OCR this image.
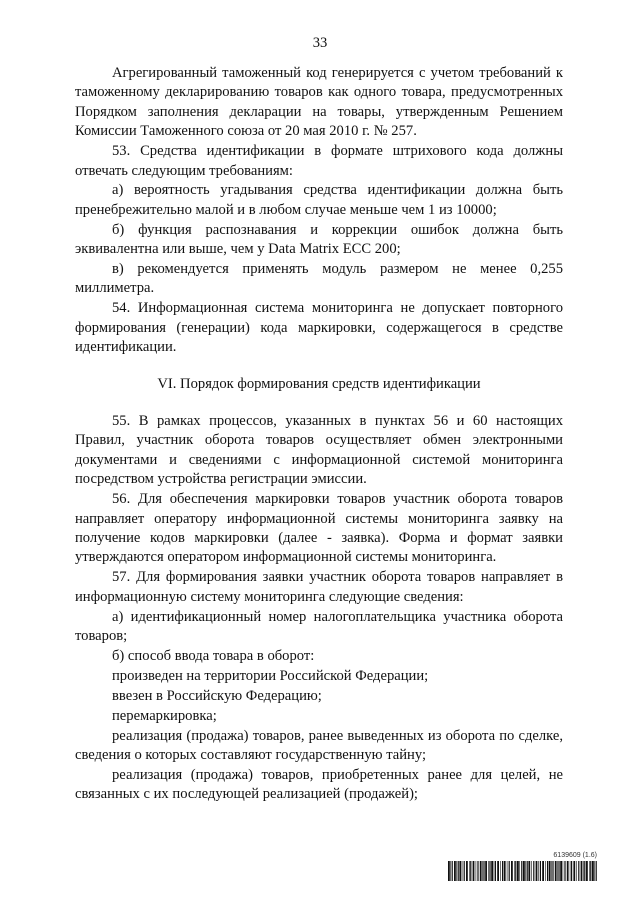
33

Агрегированный таможенный код генерируется с учетом требований к таможенному декларированию товаров как одного товара, предусмотренных Порядком заполнения декларации на товары, утвержденным Решением Комиссии Таможенного союза от 20 мая 2010 г. № 257.

53. Средства идентификации в формате штрихового кода должны отвечать следующим требованиям:

а) вероятность угадывания средства идентификации должна быть пренебрежительно малой и в любом случае меньше чем 1 из 10000;

б) функция распознавания и коррекции ошибок должна быть эквивалентна или выше, чем у Data Matrix ЕСС 200;

в) рекомендуется применять модуль размером не менее 0,255 миллиметра.

54. Информационная система мониторинга не допускает повторного формирования (генерации) кода маркировки, содержащегося в средстве идентификации.

VI. Порядок формирования средств идентификации

55. В рамках процессов, указанных в пунктах 56 и 60 настоящих Правил, участник оборота товаров осуществляет обмен электронными документами и сведениями с информационной системой мониторинга посредством устройства регистрации эмиссии.

56. Для обеспечения маркировки товаров участник оборота товаров направляет оператору информационной системы мониторинга заявку на получение кодов маркировки (далее - заявка). Форма и формат заявки утверждаются оператором информационной системы мониторинга.

57. Для формирования заявки участник оборота товаров направляет в информационную систему мониторинга следующие сведения:

а) идентификационный номер налогоплательщика участника оборота товаров;

б) способ ввода товара в оборот:

произведен на территории Российской Федерации;

ввезен в Российскую Федерацию;

перемаркировка;

реализация (продажа) товаров, ранее выведенных из оборота по сделке, сведения о которых составляют государственную тайну;

реализация (продажа) товаров, приобретенных ранее для целей, не связанных с их последующей реализацией (продажей);

6139609 (1.6)
